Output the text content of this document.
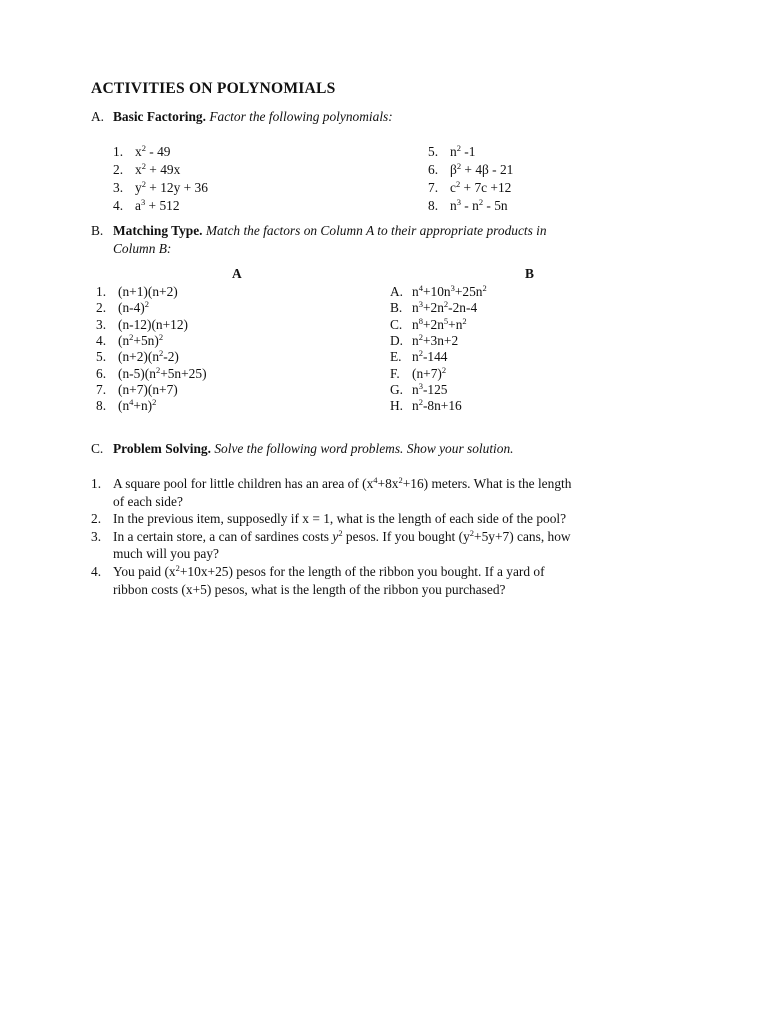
ACTIVITIES ON POLYNOMIALS
A. Basic Factoring. Factor the following polynomials:
1. $x^2 - 49$
2. $x^2 + 49x$
3. $y^2 + 12y + 36$
4. $a^3 + 512$
5. $n^2$ -1
6. $\beta^2 + 4\beta - 21$
7. $c^2 + 7c +12$
8. $n^3 - n^2 - 5n$
B. Matching Type. Match the factors on Column A to their appropriate products in
Column B:
A	B
1. (n+1)(n+2)
2. $(n-4)^2$
3. (n-12)(n+12)
4. $(n^2+5n)^2$
5. $(n+2)(n^2-2)$
6. $(n-5)(n^2+5n+25)$
7. (n+7)(n+7)
8. $(n^4+n)^2$
A. $n^4+10n^3+25n^2$
B. $n^3+2n^2-2n-4$
C. $n^8+2n^5+n^2$
D. $n^2+3n+2$
E. $n^2-144$
F. $(n+7)^2$
G. $n^3-125$
H. $n^2-8n+16$
C. Problem Solving. Solve the following word problems. Show your solution.
1. A square pool for little children has an area of $(x^4+8x^2+16)$ meters. What is the length
of each side?
2. In the previous item, supposedly if x = 1, what is the length of each side of the pool?
3. In a certain store, a can of sardines costs $y^2$ pesos. If you bought $(y^2+5y+7)$ cans, how
much will you pay?
4. You paid $(x^2+10x+25)$ pesos for the length of the ribbon you bought. If a yard of
ribbon costs (x+5) pesos, what is the length of the ribbon you purchased?
